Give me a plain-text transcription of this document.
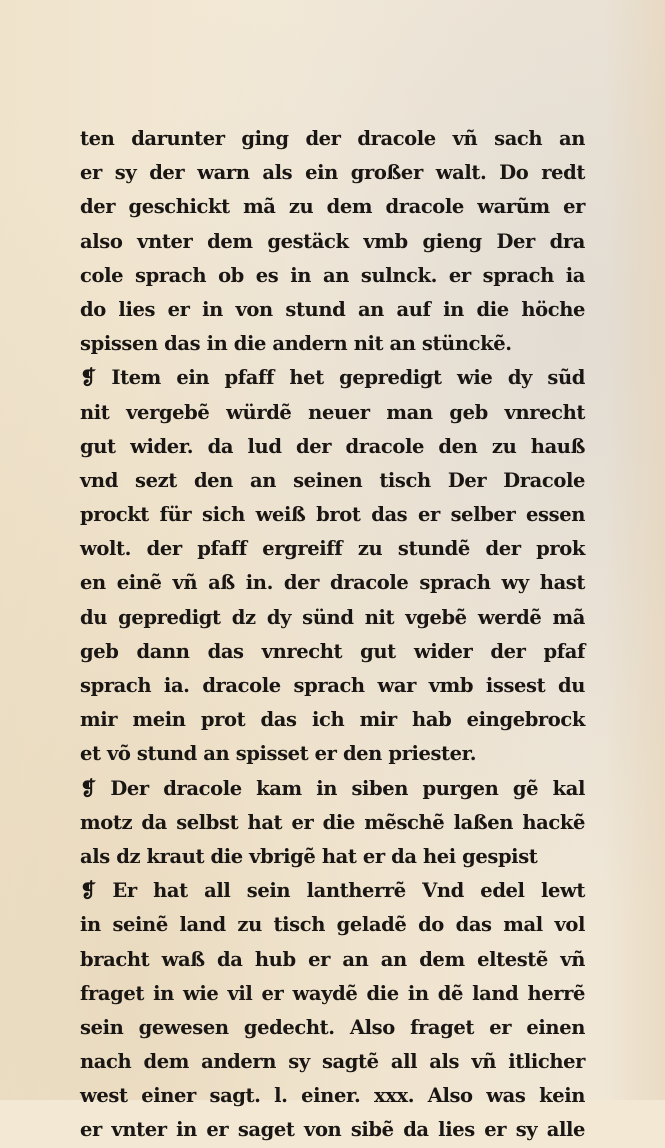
ten darunter ging der dracole vñ sach an
er sy der warn als ein großer walt. Do redt
der geschickt mã zu dem dracole warũm er
also vnter dem gestäck vmb gieng Der dra
cole sprach ob es in an sulnck. er sprach ia
do lies er in von stund an auf in die höche
spissen das in die andern nit an stünckẽ.
❡ Item ein pfaff het gepredigt wie dy sũd
nit vergebẽ würdẽ neuer man geb vnrecht
gut wider. da lud der dracole den zu hauß
vnd sezt den an seinen tisch Der Dracole
prockt für sich weiß brot das er selber essen
wolt. der pfaff ergreiff zu stundẽ der prok
en einẽ vñ aß in. der dracole sprach wy hast
du gepredigt dz dy sünd nit vgebẽ werdẽ mã
geb dann das vnrecht gut wider der pfaf
sprach ia. dracole sprach war vmb issest du
mir mein prot das ich mir hab eingebrock
et võ stund an spisset er den priester.
❡ Der dracole kam in siben purgen gẽ kal
motz da selbst hat er die mẽschẽ laßen hackẽ
als dz kraut die vbrigẽ hat er da hei gespist
❡ Er hat all sein lantherrẽ Vnd edel lewt
in seinẽ land zu tisch geladẽ do das mal vol
bracht waß da hub er an an dem eltestẽ vñ
fraget in wie vil er waydẽ die in dẽ land herrẽ
sein gewesen gedecht. Also fraget er einen
nach dem andern sy sagtẽ all als vñ itlicher
west einer sagt. l. einer. xxx. Also was kein
er vnter in er saget von sibẽ da lies er sy alle
